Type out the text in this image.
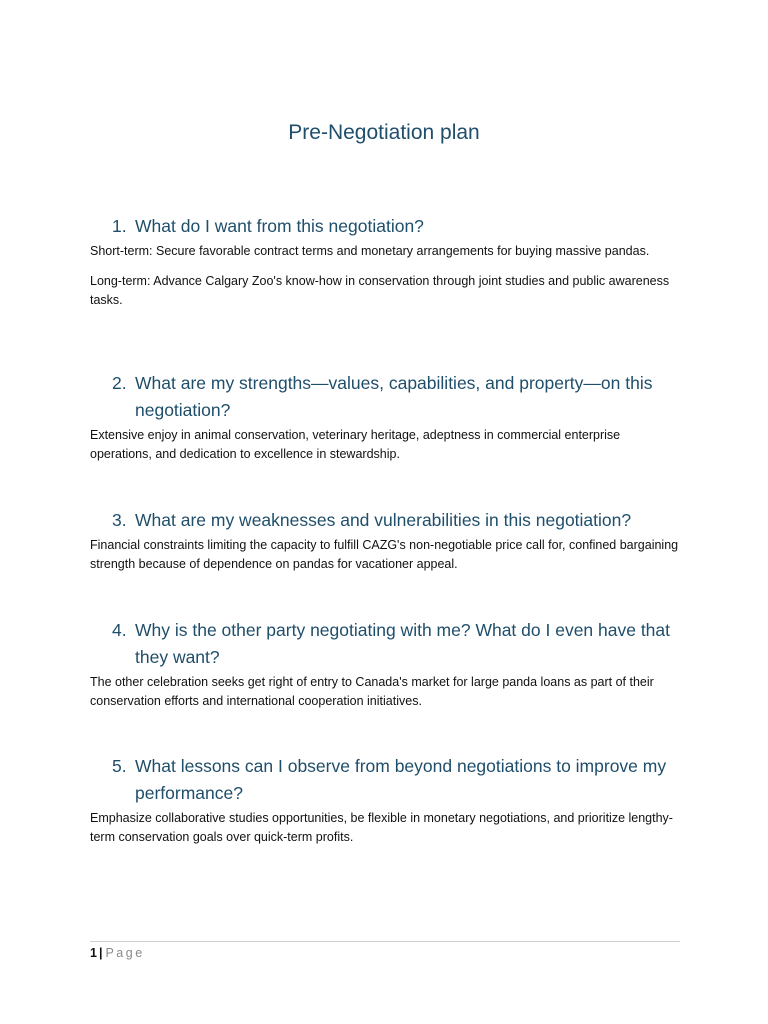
Pre-Negotiation plan
1. What do I want from this negotiation?

Short-term: Secure favorable contract terms and monetary arrangements for buying massive pandas.

Long-term: Advance Calgary Zoo's know-how in conservation through joint studies and public awareness tasks.

2. What are my strengths—values, capabilities, and property—on this negotiation?

Extensive enjoy in animal conservation, veterinary heritage, adeptness in commercial enterprise operations, and dedication to excellence in stewardship.

3. What are my weaknesses and vulnerabilities in this negotiation?

Financial constraints limiting the capacity to fulfill CAZG's non-negotiable price call for, confined bargaining strength because of dependence on pandas for vacationer appeal.

4. Why is the other party negotiating with me? What do I even have that they want?

The other celebration seeks get right of entry to Canada's market for large panda loans as part of their conservation efforts and international cooperation initiatives.

5. What lessons can I observe from beyond negotiations to improve my performance?

Emphasize collaborative studies opportunities, be flexible in monetary negotiations, and prioritize lengthy-term conservation goals over quick-term profits.

1 | Page
